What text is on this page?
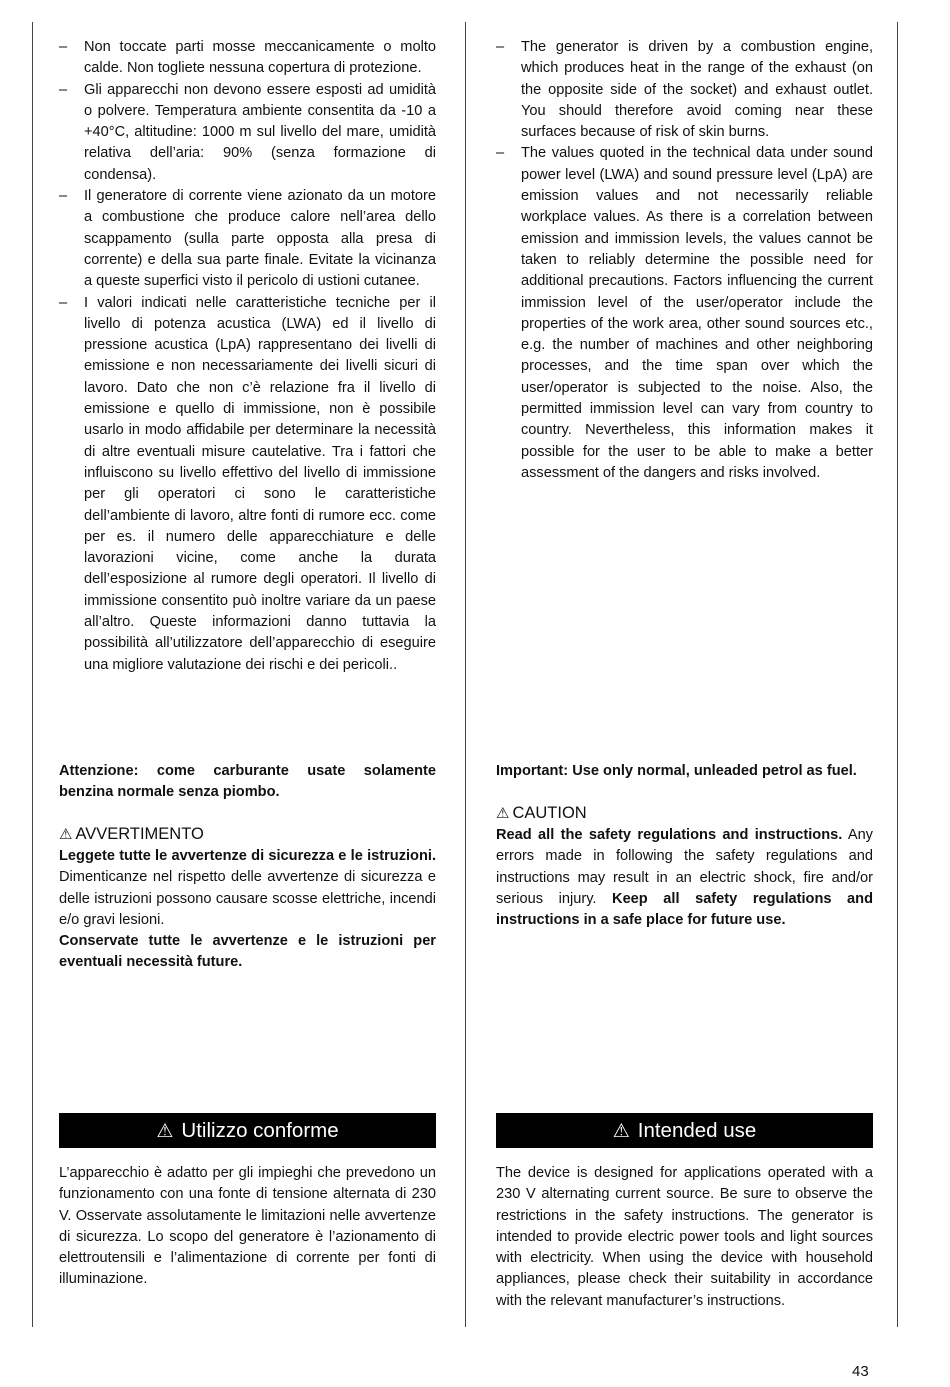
– Non toccate parti mosse meccanicamente o molto calde. Non togliete nessuna copertura di protezione.
– Gli apparecchi non devono essere esposti ad umidità o polvere. Temperatura ambiente consentita da -10 a +40°C, altitudine: 1000 m sul livello del mare, umidità relativa dell’aria: 90% (senza formazione di condensa).
– Il generatore di corrente viene azionato da un motore a combustione che produce calore nell’area dello scappamento (sulla parte opposta alla presa di corrente) e della sua parte finale. Evitate la vicinanza a queste superfici visto il pericolo di ustioni cutanee.
– I valori indicati nelle caratteristiche tecniche per il livello di potenza acustica (LWA) ed il livello di pressione acustica (LpA) rappresentano dei livelli di emissione e non necessariamente dei livelli sicuri di lavoro. Dato che non c’è relazione fra il livello di emissione e quello di immissione, non è possibile usarlo in modo affidabile per determinare la necessità di altre eventuali misure cautelative. Tra i fattori che influiscono su livello effettivo del livello di immissione per gli operatori ci sono le caratteristiche dell’ambiente di lavoro, altre fonti di rumore ecc. come per es. il numero delle apparecchiature e delle lavorazioni vicine, come anche la durata dell’esposizione al rumore degli operatori. Il livello di immissione consentito può inoltre variare da un paese all’altro. Queste informazioni danno tuttavia la possibilità all’utilizzatore dell’apparecchio di eseguire una migliore valutazione dei rischi e dei pericoli..

Attenzione: come carburante usate solamente benzina normale senza piombo.

⚠ AVVERTIMENTO

Leggete tutte le avvertenze di sicurezza e le istruzioni. Dimenticanze nel rispetto delle avvertenze di sicurezza e delle istruzioni possono causare scosse elettriche, incendi e/o gravi lesioni.

Conservate tutte le avvertenze e le istruzioni per eventuali necessità future.

⚠ Utilizzo conforme

L’apparecchio è adatto per gli impieghi che prevedono un funzionamento con una fonte di tensione alternata di 230 V. Osservate assolutamente le limitazioni nelle avvertenze di sicurezza. Lo scopo del generatore è l’azionamento di elettroutensili e l’alimentazione di corrente per fonti di illuminazione.

– The generator is driven by a combustion engine, which produces heat in the range of the exhaust (on the opposite side of the socket) and exhaust outlet. You should therefore avoid coming near these surfaces because of risk of skin burns.
– The values quoted in the technical data under sound power level (LWA) and sound pressure level (LpA) are emission values and not necessarily reliable workplace values. As there is a correlation between emission and immission levels, the values cannot be taken to reliably determine the possible need for additional precautions. Factors influencing the current immission level of the user/operator include the properties of the work area, other sound sources etc., e.g. the number of machines and other neighboring processes, and the time span over which the user/operator is subjected to the noise. Also, the permitted immission level can vary from country to country. Nevertheless, this information makes it possible for the user to be able to make a better assessment of the dangers and risks involved.

Important: Use only normal, unleaded petrol as fuel.

⚠ CAUTION

Read all the safety regulations and instructions. Any errors made in following the safety regulations and instructions may result in an electric shock, fire and/or serious injury. Keep all safety regulations and instructions in a safe place for future use.

⚠ Intended use

The device is designed for applications operated with a 230 V alternating current source. Be sure to observe the restrictions in the safety instructions. The generator is intended to provide electric power tools and light sources with electricity. When using the device with household appliances, please check their suitability in accordance with the relevant manufacturer’s instructions.

43
